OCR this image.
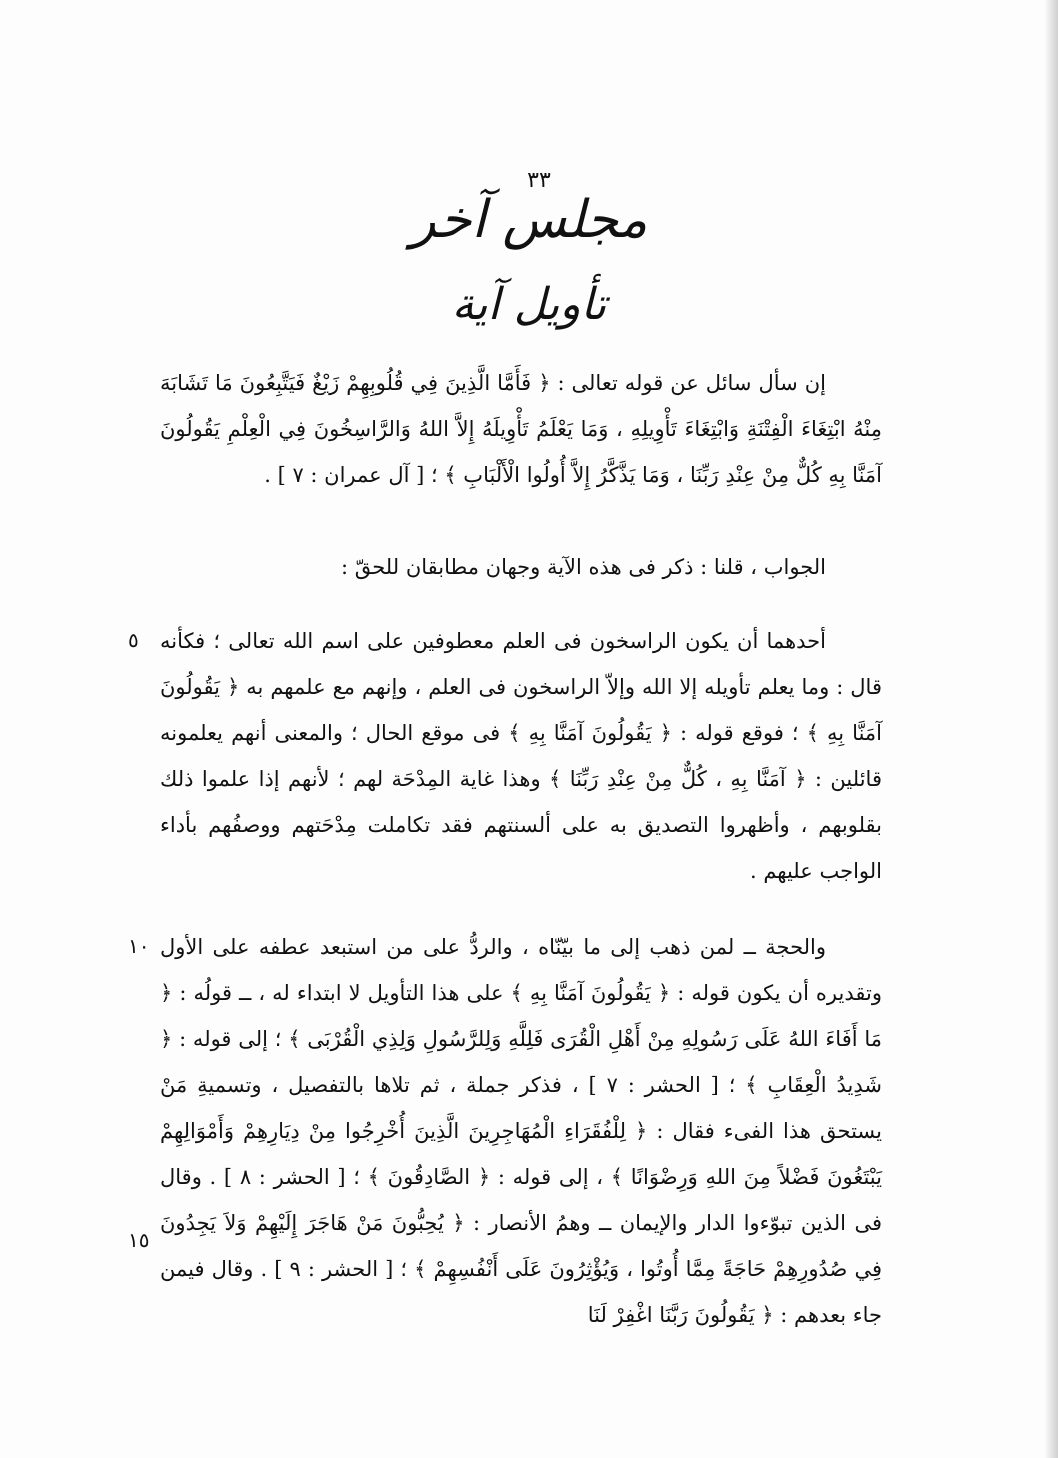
٣٣
مجلس آخر
تأويل آية

إن سأل سائل عن قوله تعالى : ﴿ فَأَمَّا الَّذِينَ فِي قُلُوبِهِمْ زَيْغٌ فَيَتَّبِعُونَ مَا تَشَابَهَ مِنْهُ ابْتِغَاءَ الْفِتْنَةِ وَابْتِغَاءَ تَأْوِيلِهِ ، وَمَا يَعْلَمُ تَأْوِيلَهُ إِلاَّ اللهُ وَالرَّاسِخُونَ فِي الْعِلْمِ يَقُولُونَ آمَنَّا بِهِ كُلٌّ مِنْ عِنْدِ رَبِّنَا ، وَمَا يَذَّكَّرُ إِلاَّ أُولُوا الْأَلْبَابِ ﴾ ؛ [ آل عمران : ٧ ] .

الجواب ، قلنا : ذكر فى هذه الآية وجهان مطابقان للحقّ :

أحدهما أن يكون الراسخون فى العلم معطوفين على اسم الله تعالى ؛ فكأنه قال : وما يعلم تأويله إلا الله وإلاّ الراسخون فى العلم ، وإنهم مع علمهم به ﴿ يَقُولُونَ آمَنَّا بِهِ ﴾ ؛ فوقع قوله : ﴿ يَقُولُونَ آمَنَّا بِهِ ﴾ فى موقع الحال ؛ والمعنى أنهم يعلمونه قائلين : ﴿ آمَنَّا بِهِ ، كُلٌّ مِنْ عِنْدِ رَبِّنَا ﴾ وهذا غاية المِدْحَة لهم ؛ لأنهم إذا علموا ذلك بقلوبهم ، وأظهروا التصديق به على ألسنتهم فقد تكاملت مِدْحَتهم ووصفُهم بأداء الواجب عليهم .

والحجة ــ لمن ذهب إلى ما بيّنّاه ، والردُّ على من استبعد عطفه على الأول وتقديره أن يكون قوله : ﴿ يَقُولُونَ آمَنَّا بِهِ ﴾ على هذا التأويل لا ابتداء له ، ــ قولُه : ﴿ مَا أَفَاءَ اللهُ عَلَى رَسُولِهِ مِنْ أَهْلِ الْقُرَى فَلِلَّهِ وَلِلرَّسُولِ وَلِذِي الْقُرْبَى ﴾ ؛ إلى قوله : ﴿ شَدِيدُ الْعِقَابِ ﴾ ؛ [ الحشر : ٧ ] ، فذكر جملة ، ثم تلاها بالتفصيل ، وتسميةِ مَنْ يستحق هذا الفىء فقال : ﴿ لِلْفُقَرَاءِ الْمُهَاجِرِينَ الَّذِينَ أُخْرِجُوا مِنْ دِيَارِهِمْ وَأَمْوَالِهِمْ يَبْتَغُونَ فَضْلاً مِنَ اللهِ وَرِضْوَانًا ﴾ ، إلى قوله : ﴿ الصَّادِقُونَ ﴾ ؛ [ الحشر : ٨ ] . وقال فى الذين تبوّءوا الدار والإيمان ــ وهمُ الأنصار : ﴿ يُحِبُّونَ مَنْ هَاجَرَ إِلَيْهِمْ وَلاَ يَجِدُونَ فِي صُدُورِهِمْ حَاجَةً مِمَّا أُوتُوا ، وَيُؤْثِرُونَ عَلَى أَنْفُسِهِمْ ﴾ ؛ [ الحشر : ٩ ] . وقال فيمن جاء بعدهم : ﴿ يَقُولُونَ رَبَّنَا اغْفِرْ لَنَا

٥
١٠
١٥
